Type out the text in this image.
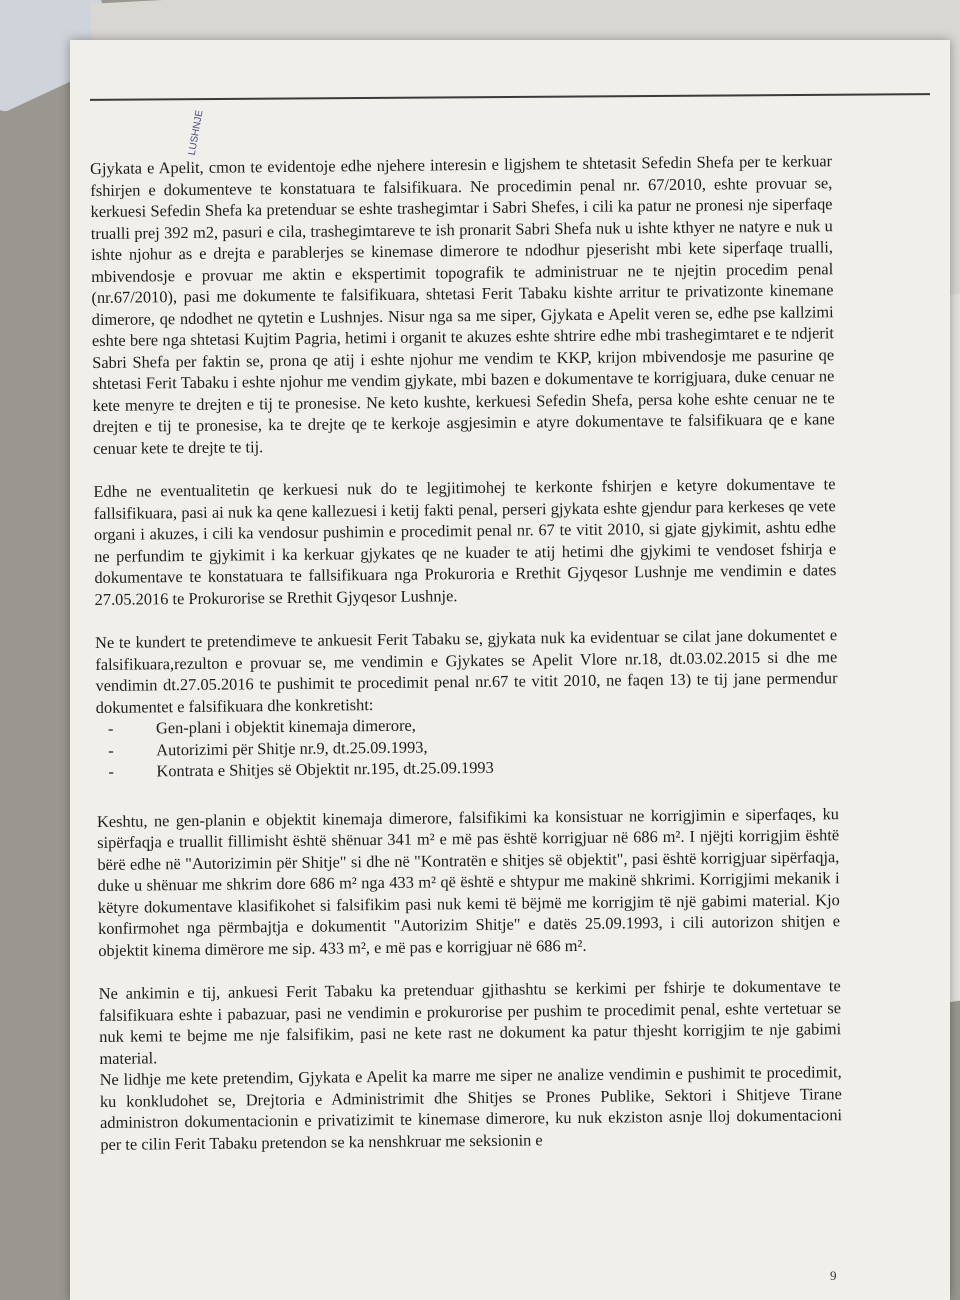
LUSHNJE

Gjykata e Apelit, cmon te evidentoje edhe njehere interesin e ligjshem te shtetasit Sefedin Shefa per te kerkuar fshirjen e dokumenteve te konstatuara te falsifikuara. Ne procedimin penal nr. 67/2010, eshte provuar se, kerkuesi Sefedin Shefa ka pretenduar se eshte trashegimtar i Sabri Shefes, i cili ka patur ne pronesi nje siperfaqe trualli prej 392 m2, pasuri e cila, trashegimtareve te ish pronarit Sabri Shefa nuk u ishte kthyer ne natyre e nuk u ishte njohur as e drejta e parablerjes se kinemase dimerore te ndodhur pjeserisht mbi kete siperfaqe trualli, mbivendosje e provuar me aktin e ekspertimit topografik te administruar ne te njejtin procedim penal (nr.67/2010), pasi me dokumente te falsifikuara, shtetasi Ferit Tabaku kishte arritur te privatizonte kinemane dimerore, qe ndodhet ne qytetin e Lushnjes. Nisur nga sa me siper, Gjykata e Apelit veren se, edhe pse kallzimi eshte bere nga shtetasi Kujtim Pagria, hetimi i organit te akuzes eshte shtrire edhe mbi trashegimtaret e te ndjerit Sabri Shefa per faktin se, prona qe atij i eshte njohur me vendim te KKP, krijon mbivendosje me pasurine qe shtetasi Ferit Tabaku i eshte njohur me vendim gjykate, mbi bazen e dokumentave te korrigjuara, duke cenuar ne kete menyre te drejten e tij te pronesise. Ne keto kushte, kerkuesi Sefedin Shefa, persa kohe eshte cenuar ne te drejten e tij te pronesise, ka te drejte qe te kerkoje asgjesimin e atyre dokumentave te falsifikuara qe e kane cenuar kete te drejte te tij.

Edhe ne eventualitetin qe kerkuesi nuk do te legjitimohej te kerkonte fshirjen e ketyre dokumentave te fallsifikuara, pasi ai nuk ka qene kallezuesi i ketij fakti penal, perseri gjykata eshte gjendur para kerkeses qe vete organi i akuzes, i cili ka vendosur pushimin e procedimit penal nr. 67 te vitit 2010, si gjate gjykimit, ashtu edhe ne perfundim te gjykimit i ka kerkuar gjykates qe ne kuader te atij hetimi dhe gjykimi te vendoset fshirja e dokumentave te konstatuara te fallsifikuara nga Prokuroria e Rrethit Gjyqesor Lushnje me vendimin e dates 27.05.2016 te Prokurorise se Rrethit Gjyqesor Lushnje.

Ne te kundert te pretendimeve te ankuesit Ferit Tabaku se, gjykata nuk ka evidentuar se cilat jane dokumentet e falsifikuara,rezulton e provuar se, me vendimin e Gjykates se Apelit Vlore nr.18, dt.03.02.2015 si dhe me vendimin dt.27.05.2016 te pushimit te procedimit penal nr.67 te vitit 2010, ne faqen 13) te tij jane permendur dokumentet e falsifikuara dhe konkretisht:

- Gen-plani i objektit kinemaja dimerore,
- Autorizimi për Shitje nr.9, dt.25.09.1993,
- Kontrata e Shitjes së Objektit nr.195, dt.25.09.1993

Keshtu, ne gen-planin e objektit kinemaja dimerore, falsifikimi ka konsistuar ne korrigjimin e siperfaqes, ku sipërfaqja e truallit fillimisht është shënuar 341 m² e më pas është korrigjuar në 686 m². I njëjti korrigjim është bërë edhe në "Autorizimin për Shitje" si dhe në "Kontratën e shitjes së objektit", pasi është korrigjuar sipërfaqja, duke u shënuar me shkrim dore 686 m² nga 433 m² që është e shtypur me makinë shkrimi. Korrigjimi mekanik i këtyre dokumentave klasifikohet si falsifikim pasi nuk kemi të bëjmë me korrigjim të një gabimi material. Kjo konfirmohet nga përmbajtja e dokumentit "Autorizim Shitje" e datës 25.09.1993, i cili autorizon shitjen e objektit kinema dimërore me sip. 433 m², e më pas e korrigjuar në 686 m².

Ne ankimin e tij, ankuesi Ferit Tabaku ka pretenduar gjithashtu se kerkimi per fshirje te dokumentave te falsifikuara eshte i pabazuar, pasi ne vendimin e prokurorise per pushim te procedimit penal, eshte vertetuar se nuk kemi te bejme me nje falsifikim, pasi ne kete rast ne dokument ka patur thjesht korrigjim te nje gabimi material.

Ne lidhje me kete pretendim, Gjykata e Apelit ka marre me siper ne analize vendimin e pushimit te procedimit, ku konkludohet se, Drejtoria e Administrimit dhe Shitjes se Prones Publike, Sektori i Shitjeve Tirane administron dokumentacionin e privatizimit te kinemase dimerore, ku nuk ekziston asnje lloj dokumentacioni per te cilin Ferit Tabaku pretendon se ka nenshkruar me seksionin e

9
